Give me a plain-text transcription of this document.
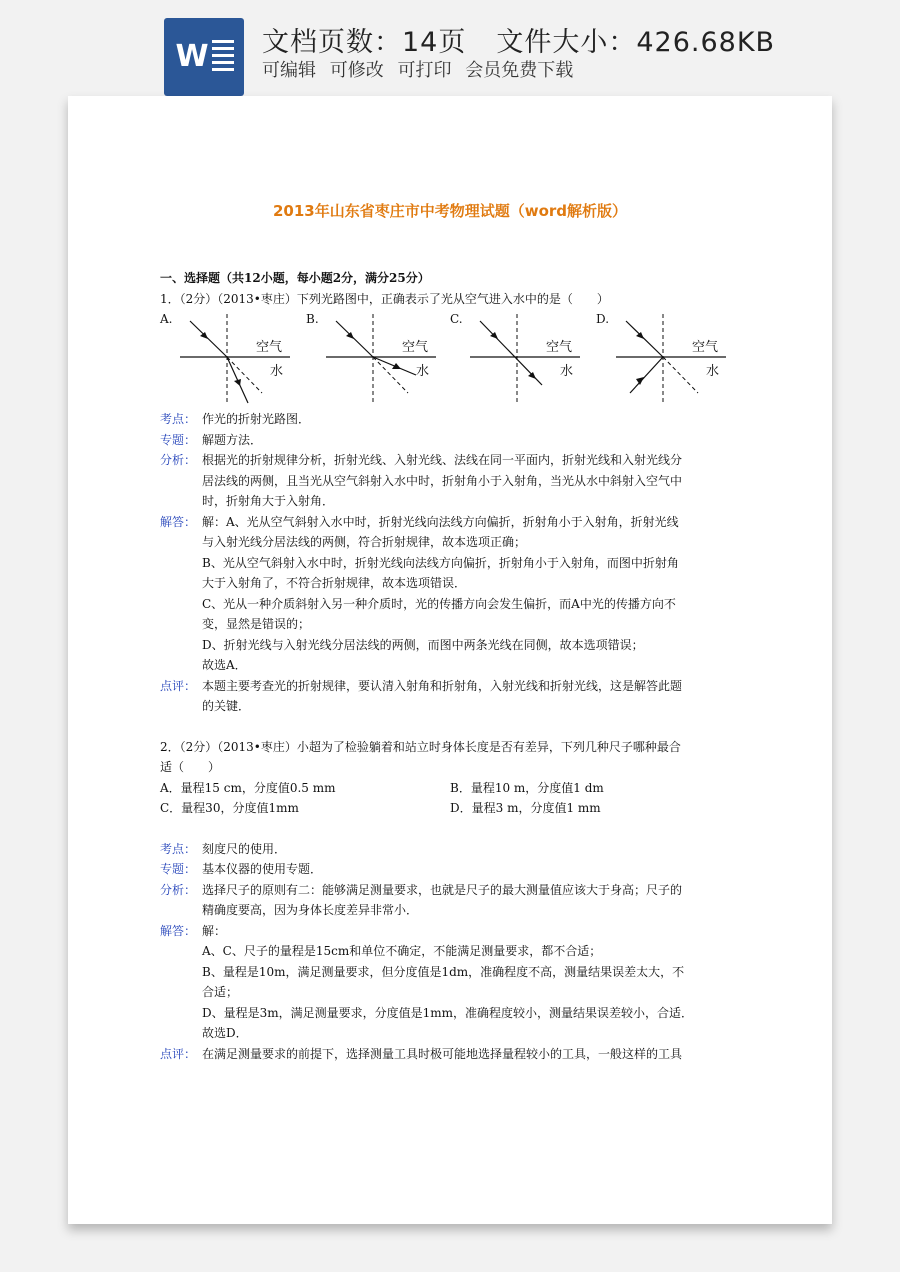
W 文档页数：14页 文件大小：426.68KB
可编辑 可修改 可打印 会员免费下载
2013年山东省枣庄市中考物理试题（word解析版）

一、选择题（共12小题，每小题2分，满分25分）

1．（2分）（2013•枣庄）下列光路图中，正确表示了光从空气进入水中的是（　　）

A.
空气
水
B.
空气
水
C.
空气
水
D.
空气
水
考点： 作光的折射光路图．

专题： 解题方法．

分析： 根据光的折射规律分析，折射光线、入射光线、法线在同一平面内，折射光线和入射光线分

居法线的两侧，且当光从空气斜射入水中时，折射角小于入射角，当光从水中斜射入空气中

时，折射角大于入射角．

解答： 解：A、光从空气斜射入水中时，折射光线向法线方向偏折，折射角小于入射角，折射光线

与入射光线分居法线的两侧，符合折射规律，故本选项正确；

B、光从空气斜射入水中时，折射光线向法线方向偏折，折射角小于入射角，而图中折射角

大于入射角了，不符合折射规律，故本选项错误．

C、光从一种介质斜射入另一种介质时，光的传播方向会发生偏折，而A中光的传播方向不

变，显然是错误的；

D、折射光线与入射光线分居法线的两侧，而图中两条光线在同侧，故本选项错误；

故选A．

点评： 本题主要考查光的折射规律，要认清入射角和折射角，入射光线和折射光线，这是解答此题

的关键．

2．（2分）（2013•枣庄）小超为了检验躺着和站立时身体长度是否有差异，下列几种尺子哪种最合

适（　　）

A．量程15 cm，分度值0.5 mm	B．量程10 m，分度值1 dm
C．量程30，分度值1mm	D．量程3 m，分度值1 mm
考点： 刻度尺的使用．

专题： 基本仪器的使用专题．

分析： 选择尺子的原则有二：能够满足测量要求，也就是尺子的最大测量值应该大于身高；尺子的

精确度要高，因为身体长度差异非常小．

解答： 解：

A、C、尺子的量程是15cm和单位不确定，不能满足测量要求，都不合适；

B、量程是10m，满足测量要求，但分度值是1dm，准确程度不高，测量结果误差太大，不

合适；

D、量程是3m，满足测量要求，分度值是1mm，准确程度较小，测量结果误差较小，合适．

故选D．

点评： 在满足测量要求的前提下，选择测量工具时极可能地选择量程较小的工具，一般这样的工具
